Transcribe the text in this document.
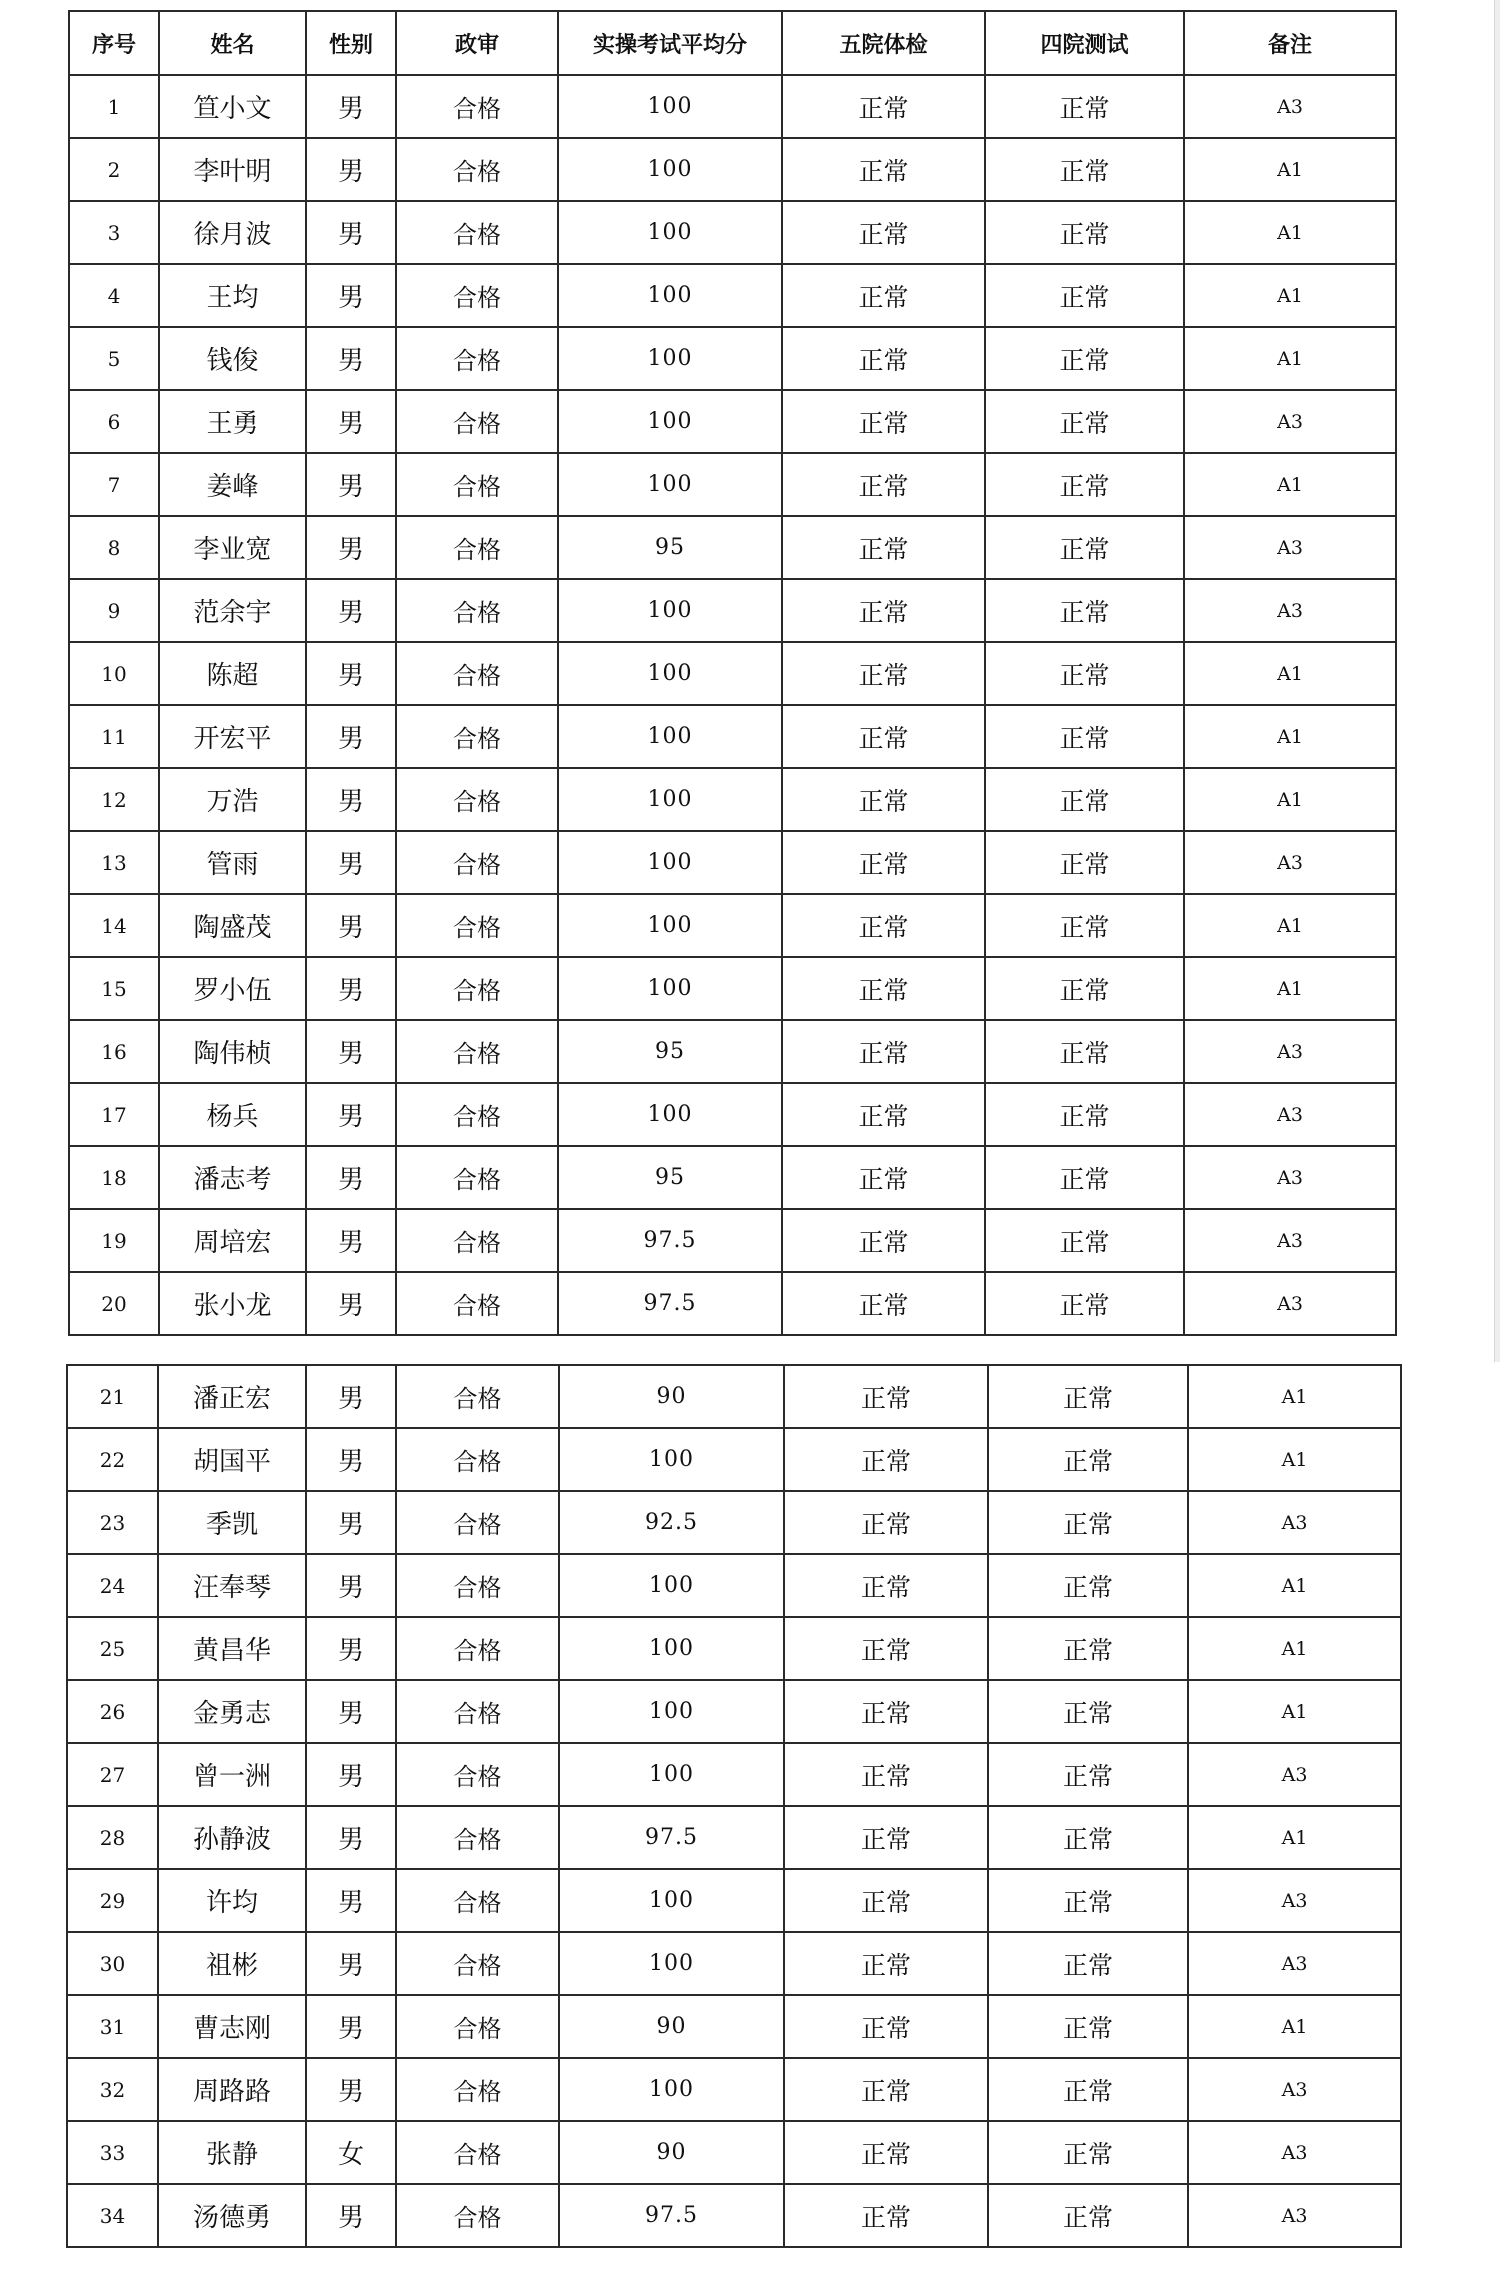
序号	姓名	性别	政审	实操考试平均分	五院体检	四院测试	备注
1	笪小文	男	合格	100	正常	正常	A3
2	李叶明	男	合格	100	正常	正常	A1
3	徐月波	男	合格	100	正常	正常	A1
4	王均	男	合格	100	正常	正常	A1
5	钱俊	男	合格	100	正常	正常	A1
6	王勇	男	合格	100	正常	正常	A3
7	姜峰	男	合格	100	正常	正常	A1
8	李业宽	男	合格	95	正常	正常	A3
9	范余宇	男	合格	100	正常	正常	A3
10	陈超	男	合格	100	正常	正常	A1
11	开宏平	男	合格	100	正常	正常	A1
12	万浩	男	合格	100	正常	正常	A1
13	管雨	男	合格	100	正常	正常	A3
14	陶盛茂	男	合格	100	正常	正常	A1
15	罗小伍	男	合格	100	正常	正常	A1
16	陶伟桢	男	合格	95	正常	正常	A3
17	杨兵	男	合格	100	正常	正常	A3
18	潘志考	男	合格	95	正常	正常	A3
19	周培宏	男	合格	97.5	正常	正常	A3
20	张小龙	男	合格	97.5	正常	正常	A3
21	潘正宏	男	合格	90	正常	正常	A1
22	胡国平	男	合格	100	正常	正常	A1
23	季凯	男	合格	92.5	正常	正常	A3
24	汪奉琴	男	合格	100	正常	正常	A1
25	黄昌华	男	合格	100	正常	正常	A1
26	金勇志	男	合格	100	正常	正常	A1
27	曾一洲	男	合格	100	正常	正常	A3
28	孙静波	男	合格	97.5	正常	正常	A1
29	许均	男	合格	100	正常	正常	A3
30	祖彬	男	合格	100	正常	正常	A3
31	曹志刚	男	合格	90	正常	正常	A1
32	周路路	男	合格	100	正常	正常	A3
33	张静	女	合格	90	正常	正常	A3
34	汤德勇	男	合格	97.5	正常	正常	A3
